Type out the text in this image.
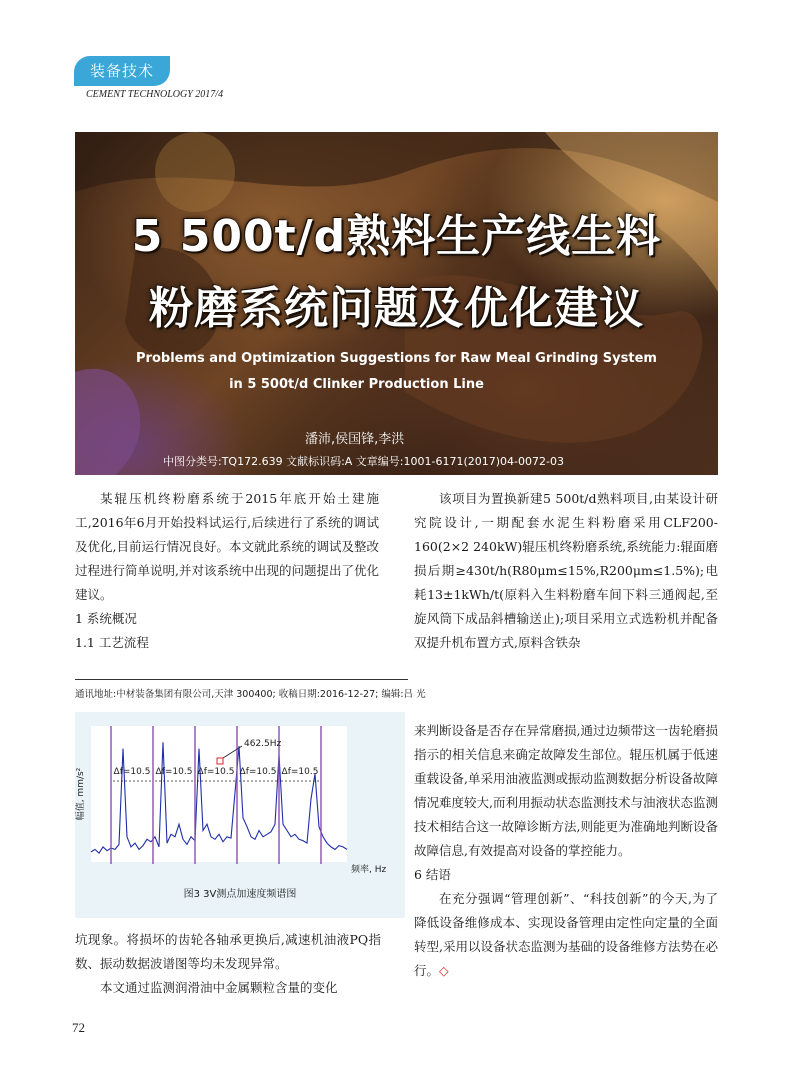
装备技术
CEMENT TECHNOLOGY 2017/4
5 500t/d熟料生产线生料
粉磨系统问题及优化建议
Problems and Optimization Suggestions for Raw Meal Grinding System
in 5 500t/d Clinker Production Line
潘沛,侯国锋,李洪
中图分类号:TQ172.639 文献标识码:A 文章编号:1001-6171(2017)04-0072-03

某辊压机终粉磨系统于2015年底开始土建施工,2016年6月开始投料试运行,后续进行了系统的调试及优化,目前运行情况良好。本文就此系统的调试及整改过程进行简单说明,并对该系统中出现的问题提出了优化建议。

1 系统概况

1.1 工艺流程

该项目为置换新建5 500t/d熟料项目,由某设计研究院设计,一期配套水泥生料粉磨采用CLF200-160(2×2 240kW)辊压机终粉磨系统,系统能力:辊面磨损后期≥430t/h(R80μm≤15%,R200μm≤1.5%);电耗13±1kWh/t(原料入生料粉磨车间下料三通阀起,至旋风筒下成品斜槽输送止);项目采用立式选粉机并配备双提升机布置方式,原料含铁杂

通讯地址:中材装备集团有限公司,天津 300400; 收稿日期:2016-12-27; 编辑:吕 光
幅值, mm/s²	Δf=10.5 Δf=10.5 Δf=10.5 Δf=10.5 Δf=10.5
462.5Hz
频率, Hz
图3 3V测点加速度频谱图

坑现象。将损坏的齿轮各轴承更换后,减速机油液PQ指数、振动数据波谱图等均未发现异常。

本文通过监测润滑油中金属颗粒含量的变化

来判断设备是否存在异常磨损,通过边频带这一齿轮磨损指示的相关信息来确定故障发生部位。辊压机属于低速重载设备,单采用油液监测或振动监测数据分析设备故障情况难度较大,而利用振动状态监测技术与油液状态监测技术相结合这一故障诊断方法,则能更为准确地判断设备故障信息,有效提高对设备的掌控能力。

6 结语

在充分强调“管理创新”、“科技创新”的今天,为了降低设备维修成本、实现设备管理由定性向定量的全面转型,采用以设备状态监测为基础的设备维修方法势在必行。◇

72
